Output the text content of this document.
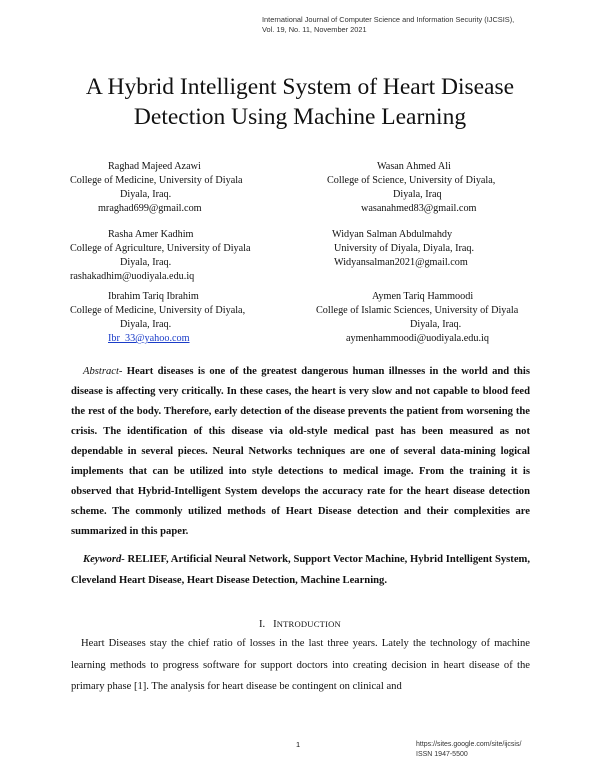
International Journal of Computer Science and Information Security (IJCSIS),
Vol. 19, No. 11, November 2021
A Hybrid Intelligent System of Heart Disease
Detection Using Machine Learning
Raghad Majeed Azawi
College of Medicine, University of Diyala
Diyala, Iraq.
mraghad699@gmail.com
Wasan Ahmed Ali
College of Science, University of Diyala,
Diyala, Iraq
wasanahmed83@gmail.com
Rasha Amer Kadhim
College of Agriculture, University of Diyala
Diyala, Iraq.
rashakadhim@uodiyala.edu.iq
Widyan Salman Abdulmahdy
University of Diyala, Diyala, Iraq.
Widyansalman2021@gmail.com
Ibrahim Tariq Ibrahim
College of Medicine, University of Diyala,
Diyala, Iraq.
Ibr_33@yahoo.com
Aymen Tariq Hammoodi
College of Islamic Sciences, University of Diyala
Diyala, Iraq.
aymenhammoodi@uodiyala.edu.iq

Abstract- Heart diseases is one of the greatest dangerous human illnesses in the world and this disease is affecting very critically. In these cases, the heart is very slow and not capable to blood feed the rest of the body. Therefore, early detection of the disease prevents the patient from worsening the crisis. The identification of this disease via old-style medical past has been measured as not dependable in several pieces. Neural Networks techniques are one of several data-mining logical implements that can be utilized into style detections to medical image. From the training it is observed that Hybrid-Intelligent System develops the accuracy rate for the heart disease detection scheme. The commonly utilized methods of Heart Disease detection and their complexities are summarized in this paper.

Keyword- RELIEF, Artificial Neural Network, Support Vector Machine, Hybrid Intelligent System, Cleveland Heart Disease, Heart Disease Detection, Machine Learning.

I. INTRODUCTION

Heart Diseases stay the chief ratio of losses in the last three years. Lately the technology of machine learning methods to progress software for support doctors into creating decision in heart disease of the primary phase [1]. The analysis for heart disease be contingent on clinical and

1	https://sites.google.com/site/ijcsis/
ISSN 1947-5500
